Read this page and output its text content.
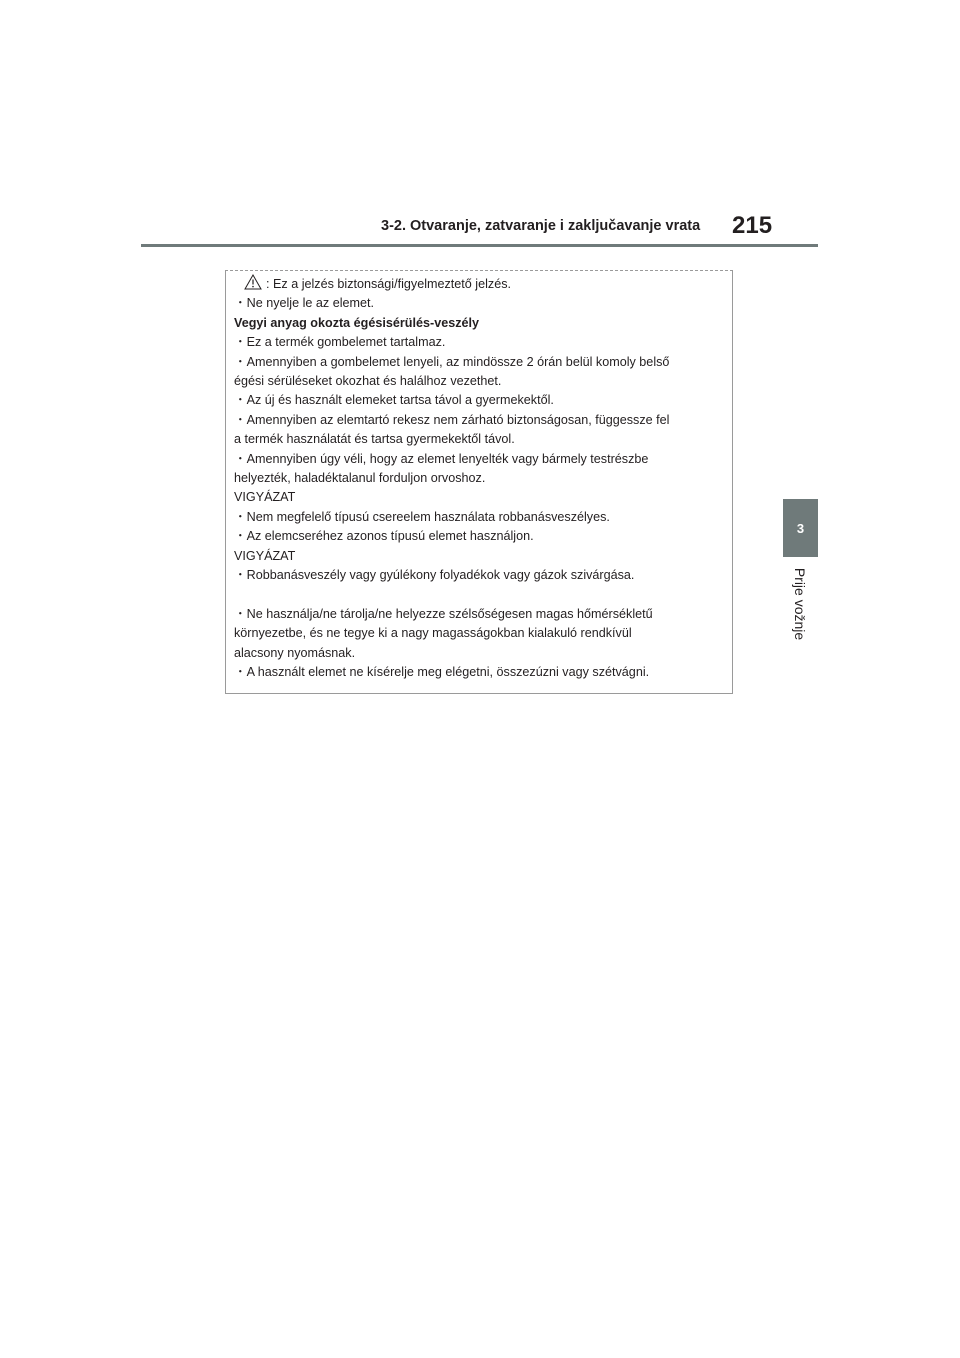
3-2. Otvaranje, zatvaranje i zaključavanje vrata 215
3
Prije vožnje
: Ez a jelzés biztonsági/figyelmeztető jelzés.
・Ne nyelje le az elemet.
Vegyi anyag okozta égésisérülés-veszély
・Ez a termék gombelemet tartalmaz.
・Amennyiben a gombelemet lenyeli, az mindössze 2 órán belül komoly belső
égési sérüléseket okozhat és halálhoz vezethet.
・Az új és használt elemeket tartsa távol a gyermekektől.
・Amennyiben az elemtartó rekesz nem zárható biztonságosan, függessze fel
a termék használatát és tartsa gyermekektől távol.
・Amennyiben úgy véli, hogy az elemet lenyelték vagy bármely testrészbe
helyezték, haladéktalanul forduljon orvoshoz.
VIGYÁZAT
・Nem megfelelő típusú csereelem használata robbanásveszélyes.
・Az elemcseréhez azonos típusú elemet használjon.
VIGYÁZAT
・Robbanásveszély vagy gyúlékony folyadékok vagy gázok szivárgása.
・Ne használja/ne tárolja/ne helyezze szélsőségesen magas hőmérsékletű
környezetbe, és ne tegye ki a nagy magasságokban kialakuló rendkívül
alacsony nyomásnak.
・A használt elemet ne kísérelje meg elégetni, összezúzni vagy szétvágni.
